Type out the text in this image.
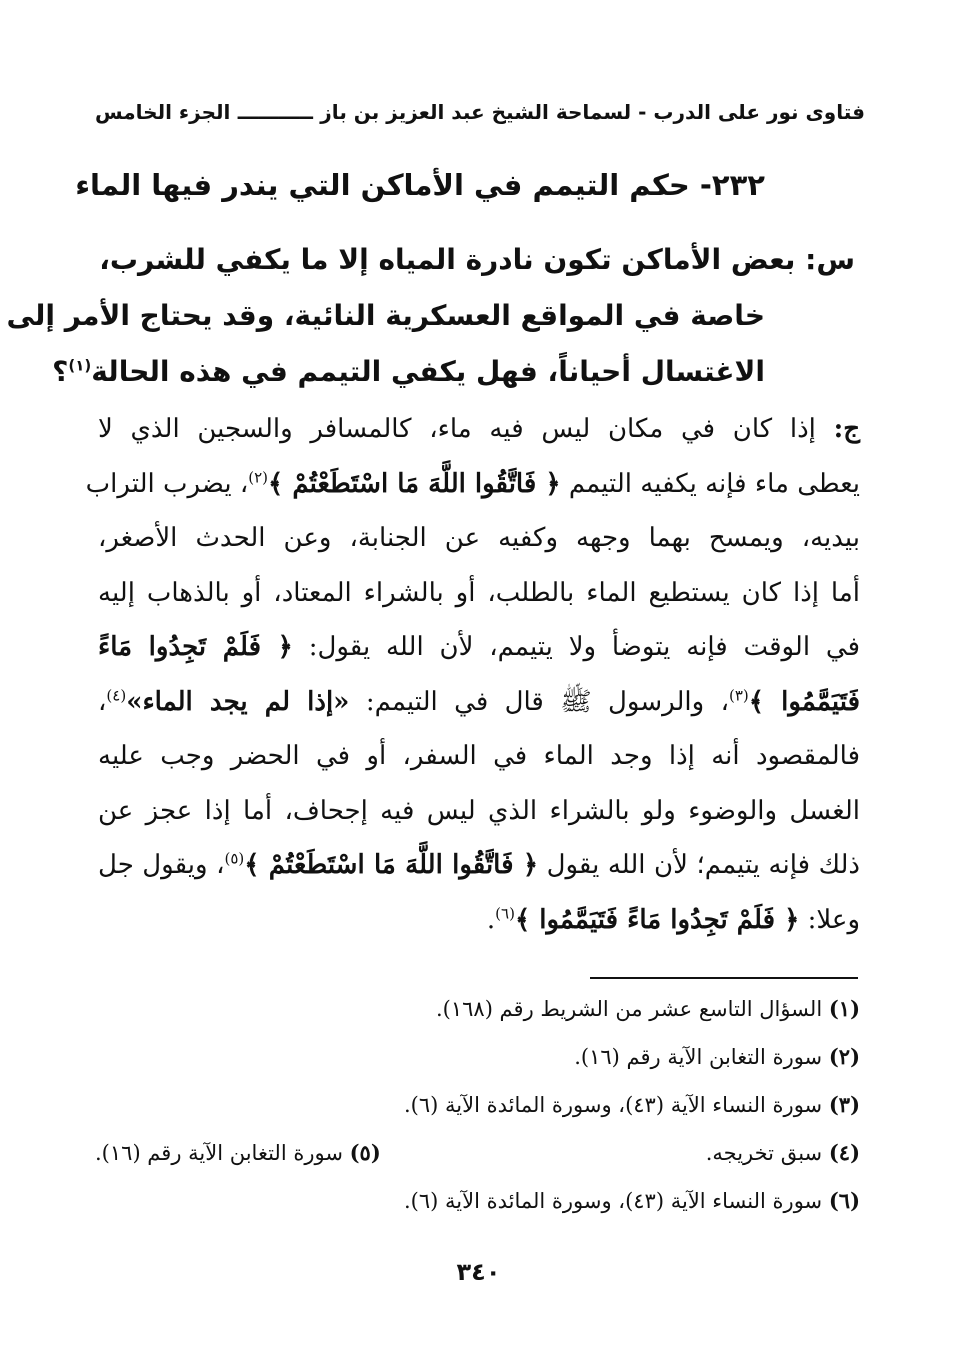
فتاوى نور على الدرب - لسماحة الشيخ عبد العزيز بن باز
ـــــــــــ
الجزء الخامس
٢٣٢- حكم التيمم في الأماكن التي يندر فيها الماء
س: بعض الأماكن تكون نادرة المياه إلا ما يكفي للشرب،
خاصة في المواقع العسكرية النائية، وقد يحتاج الأمر إلى
الاغتسال أحياناً، فهل يكفي التيمم في هذه الحالة$^{(١)}$؟
ج: إذا كان في مكان ليس فيه ماء، كالمسافر والسجين الذي لا
يعطى ماء فإنه يكفيه التيمم ﴿ فَاتَّقُوا اللَّهَ مَا اسْتَطَعْتُمْ ﴾$^{(٢)}$، يضرب التراب
بيديه، ويمسح بهما وجهه وكفيه عن الجنابة، وعن الحدث الأصغر،
أما إذا كان يستطيع الماء بالطلب، أو بالشراء المعتاد، أو بالذهاب إليه
في الوقت فإنه يتوضأ ولا يتيمم، لأن الله يقول: ﴿ فَلَمْ تَجِدُوا مَاءً
فَتَيَمَّمُوا ﴾$^{(٣)}$، والرسول ﷺ قال في التيمم: «إذا لم يجد الماء»$^{(٤)}$،
فالمقصود أنه إذا وجد الماء في السفر، أو في الحضر وجب عليه
الغسل والوضوء ولو بالشراء الذي ليس فيه إجحاف، أما إذا عجز عن
ذلك فإنه يتيمم؛ لأن الله يقول ﴿ فَاتَّقُوا اللَّهَ مَا اسْتَطَعْتُمْ ﴾$^{(٥)}$، ويقول جل
وعلا: ﴿ فَلَمْ تَجِدُوا مَاءً فَتَيَمَّمُوا ﴾$^{(٦)}$.
(١) السؤال التاسع عشر من الشريط رقم (١٦٨).
(٢) سورة التغابن الآية رقم (١٦).
(٣) سورة النساء الآية (٤٣)، وسورة المائدة الآية (٦).
(٤) سبق تخريجه.
(٥) سورة التغابن الآية رقم (١٦).
(٦) سورة النساء الآية (٤٣)، وسورة المائدة الآية (٦).
٣٤٠
